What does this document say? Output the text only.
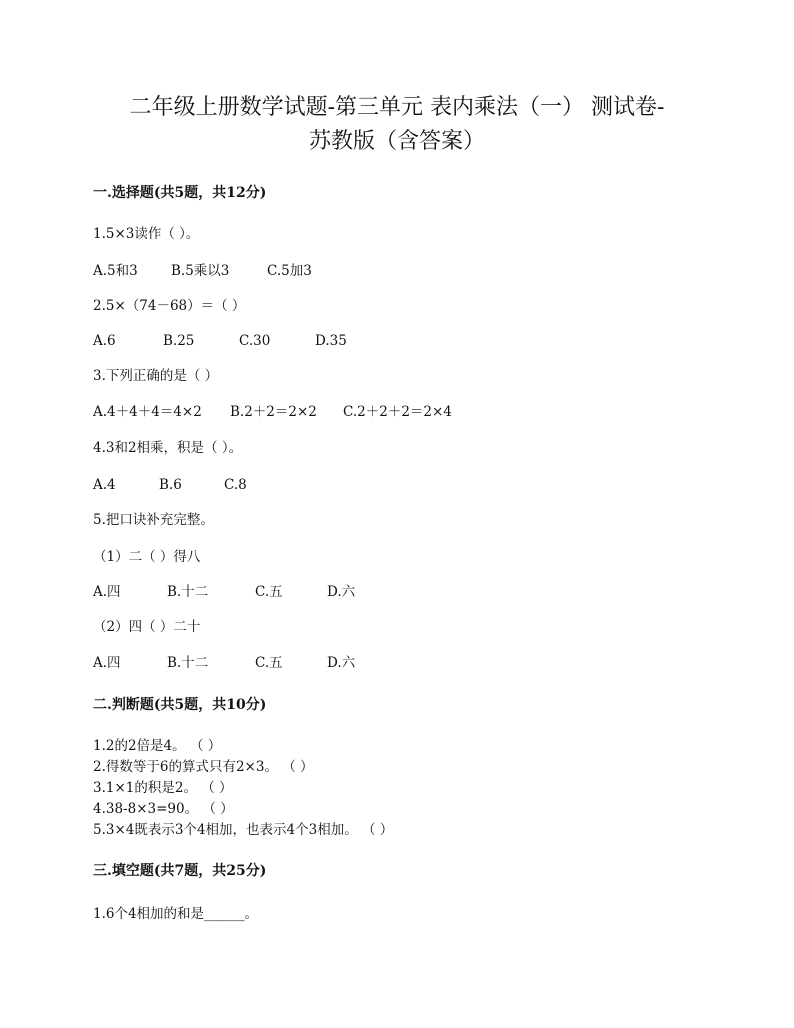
二年级上册数学试题-第三单元 表内乘法（一） 测试卷-
苏教版（含答案）
一.选择题(共5题，共12分)
1.5×3读作（ ）。
A.5和3 B.5乘以3	C.5加3
2.5×（74－68）＝（ ）
A.6	B.25	C.30	D.35
3.下列正确的是（ ）
A.4＋4＋4＝4×2 B.2＋2＝2×2 C.2＋2＋2＝2×4
4.3和2相乘，积是（ ）。
A.4	B.6	C.8
5.把口诀补充完整。
（1）二（ ）得八
A.四	B.十二	C.五	D.六
（2）四（ ）二十
A.四	B.十二	C.五	D.六
二.判断题(共5题，共10分)
1.2的2倍是4。 （ ）
2.得数等于6的算式只有2×3。 （ ）
3.1×1的积是2。 （ ）
4.38-8×3=90。 （ ）
5.3×4既表示3个4相加，也表示4个3相加。 （ ）
三.填空题(共7题，共25分)
1.6个4相加的和是______。
